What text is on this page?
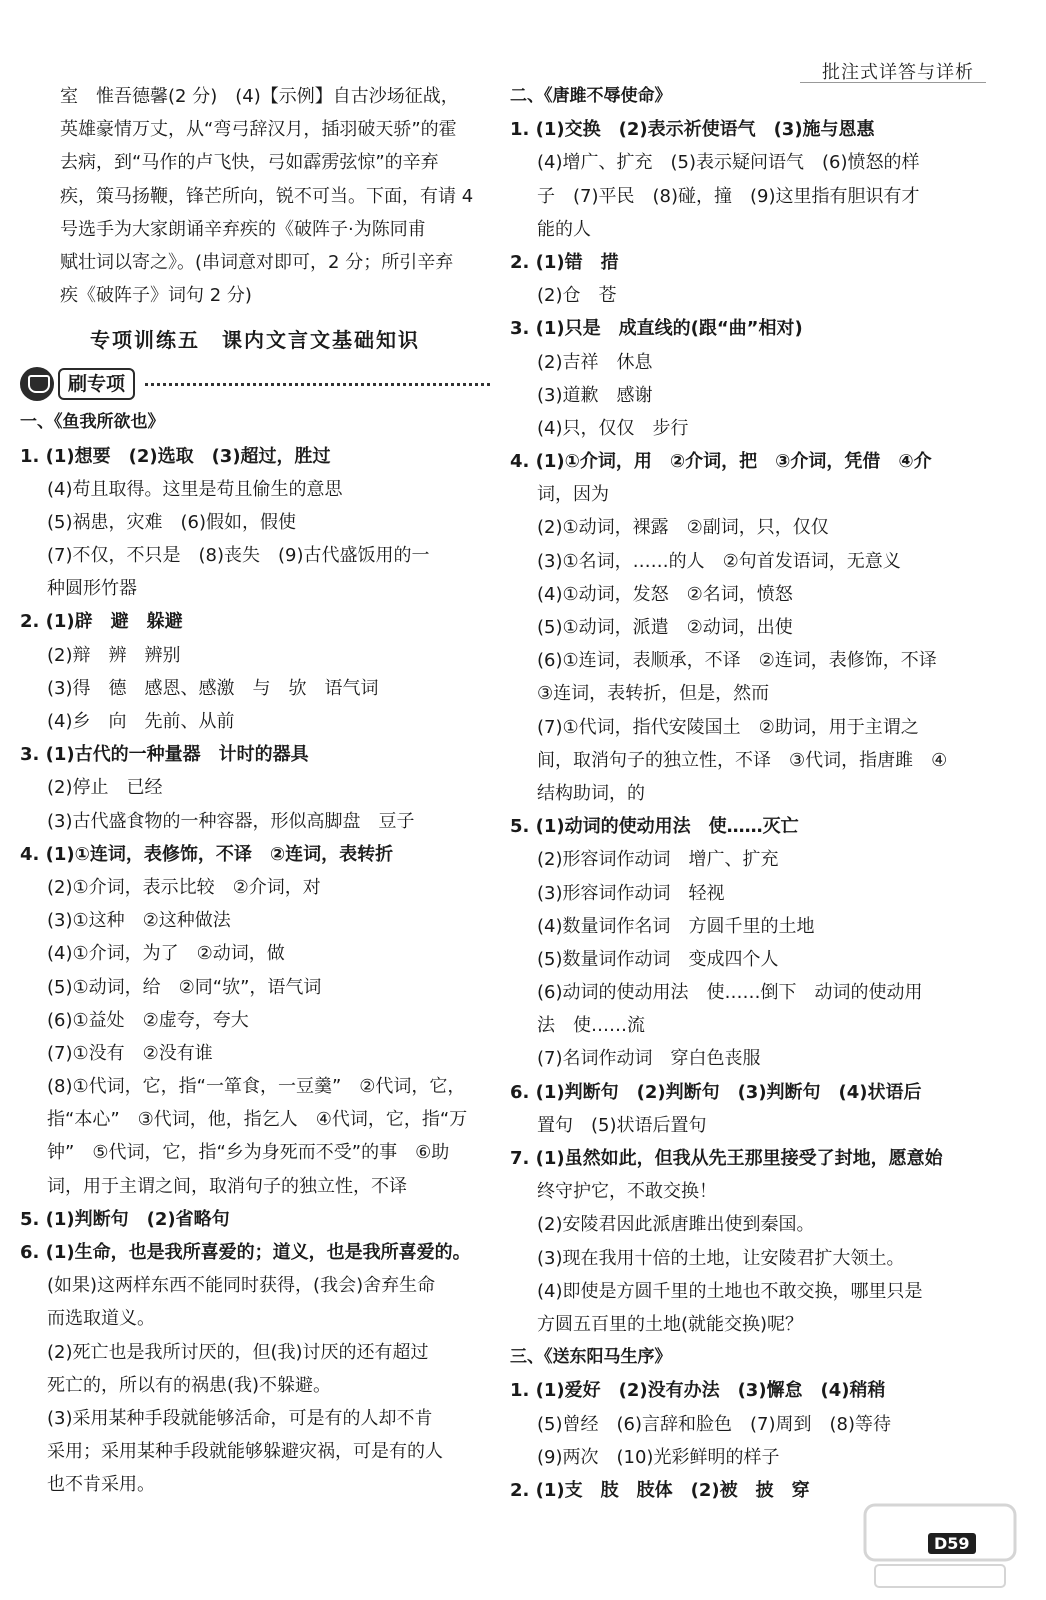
批注式详答与详析
室　惟吾德馨(2 分)　(4)【示例】自古沙场征战，
英雄豪情万丈，从“弯弓辞汉月，插羽破天骄”的霍
去病，到“马作的卢飞快，弓如霹雳弦惊”的辛弃
疾，策马扬鞭，锋芒所向，锐不可当。下面，有请 4
号选手为大家朗诵辛弃疾的《破阵子·为陈同甫
赋壮词以寄之》。(串词意对即可，2 分；所引辛弃
疾《破阵子》词句 2 分)
专项训练五　课内文言文基础知识
刷专项
一、《鱼我所欲也》
1. (1)想要　(2)选取　(3)超过，胜过
(4)苟且取得。这里是苟且偷生的意思
(5)祸患，灾难　(6)假如，假使
(7)不仅，不只是　(8)丧失　(9)古代盛饭用的一
种圆形竹器
2. (1)辟　避　躲避
(2)辩　辨　辨别
(3)得　德　感恩、感激　与　欤　语气词
(4)乡　向　先前、从前
3. (1)古代的一种量器　计时的器具
(2)停止　已经
(3)古代盛食物的一种容器，形似高脚盘　豆子
4. (1)①连词，表修饰，不译　②连词，表转折
(2)①介词，表示比较　②介词，对
(3)①这种　②这种做法
(4)①介词，为了　②动词，做
(5)①动词，给　②同“欤”，语气词
(6)①益处　②虚夸，夸大
(7)①没有　②没有谁
(8)①代词，它，指“一箪食，一豆羹”　②代词，它，
指“本心”　③代词，他，指乞人　④代词，它，指“万
钟”　⑤代词，它，指“乡为身死而不受”的事　⑥助
词，用于主谓之间，取消句子的独立性，不译
5. (1)判断句　(2)省略句
6. (1)生命，也是我所喜爱的；道义，也是我所喜爱的。
(如果)这两样东西不能同时获得，(我会)舍弃生命
而选取道义。
(2)死亡也是我所讨厌的，但(我)讨厌的还有超过
死亡的，所以有的祸患(我)不躲避。
(3)采用某种手段就能够活命，可是有的人却不肯
采用；采用某种手段就能够躲避灾祸，可是有的人
也不肯采用。
二、《唐雎不辱使命》
1. (1)交换　(2)表示祈使语气　(3)施与恩惠
(4)增广、扩充　(5)表示疑问语气　(6)愤怒的样
子　(7)平民　(8)碰，撞　(9)这里指有胆识有才
能的人
2. (1)错　措
(2)仓　苍
3. (1)只是　成直线的(跟“曲”相对)
(2)吉祥　休息
(3)道歉　感谢
(4)只，仅仅　步行
4. (1)①介词，用　②介词，把　③介词，凭借　④介
词，因为
(2)①动词，裸露　②副词，只，仅仅
(3)①名词，……的人　②句首发语词，无意义
(4)①动词，发怒　②名词，愤怒
(5)①动词，派遣　②动词，出使
(6)①连词，表顺承，不译　②连词，表修饰，不译
③连词，表转折，但是，然而
(7)①代词，指代安陵国土　②助词，用于主谓之
间，取消句子的独立性，不译　③代词，指唐雎　④
结构助词，的
5. (1)动词的使动用法　使……灭亡
(2)形容词作动词　增广、扩充
(3)形容词作动词　轻视
(4)数量词作名词　方圆千里的土地
(5)数量词作动词　变成四个人
(6)动词的使动用法　使……倒下　动词的使动用
法　使……流
(7)名词作动词　穿白色丧服
6. (1)判断句　(2)判断句　(3)判断句　(4)状语后
置句　(5)状语后置句
7. (1)虽然如此，但我从先王那里接受了封地，愿意始
终守护它，不敢交换！
(2)安陵君因此派唐雎出使到秦国。
(3)现在我用十倍的土地，让安陵君扩大领土。
(4)即使是方圆千里的土地也不敢交换，哪里只是
方圆五百里的土地(就能交换)呢？
三、《送东阳马生序》
1. (1)爱好　(2)没有办法　(3)懈怠　(4)稍稍
(5)曾经　(6)言辞和脸色　(7)周到　(8)等待
(9)两次　(10)光彩鲜明的样子
2. (1)支　肢　肢体　(2)被　披　穿
D59
